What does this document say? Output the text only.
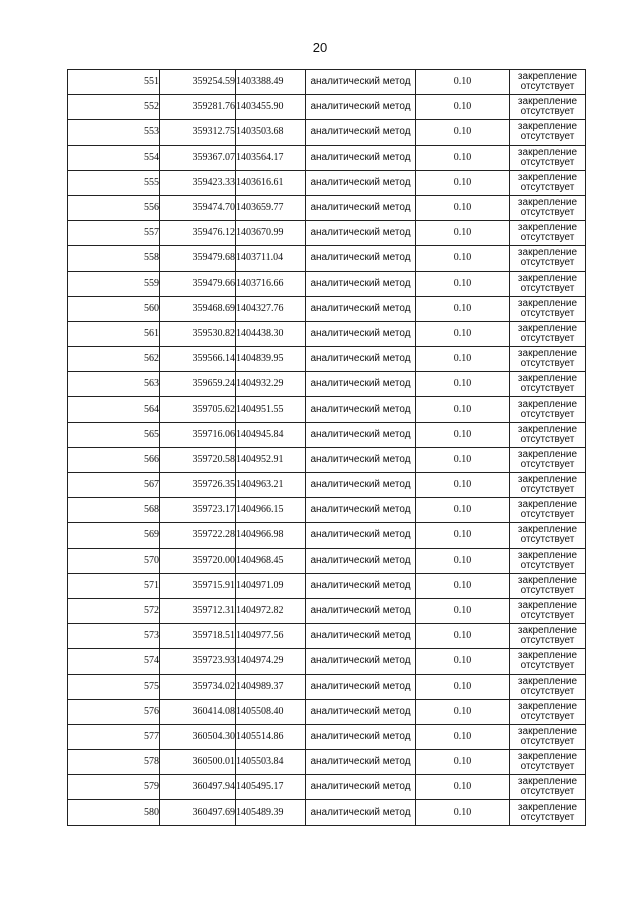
20
551	359254.59	1403388.49	аналитический метод	0.10	закрепление отсутствует
552	359281.76	1403455.90	аналитический метод	0.10	закрепление отсутствует
553	359312.75	1403503.68	аналитический метод	0.10	закрепление отсутствует
554	359367.07	1403564.17	аналитический метод	0.10	закрепление отсутствует
555	359423.33	1403616.61	аналитический метод	0.10	закрепление отсутствует
556	359474.70	1403659.77	аналитический метод	0.10	закрепление отсутствует
557	359476.12	1403670.99	аналитический метод	0.10	закрепление отсутствует
558	359479.68	1403711.04	аналитический метод	0.10	закрепление отсутствует
559	359479.66	1403716.66	аналитический метод	0.10	закрепление отсутствует
560	359468.69	1404327.76	аналитический метод	0.10	закрепление отсутствует
561	359530.82	1404438.30	аналитический метод	0.10	закрепление отсутствует
562	359566.14	1404839.95	аналитический метод	0.10	закрепление отсутствует
563	359659.24	1404932.29	аналитический метод	0.10	закрепление отсутствует
564	359705.62	1404951.55	аналитический метод	0.10	закрепление отсутствует
565	359716.06	1404945.84	аналитический метод	0.10	закрепление отсутствует
566	359720.58	1404952.91	аналитический метод	0.10	закрепление отсутствует
567	359726.35	1404963.21	аналитический метод	0.10	закрепление отсутствует
568	359723.17	1404966.15	аналитический метод	0.10	закрепление отсутствует
569	359722.28	1404966.98	аналитический метод	0.10	закрепление отсутствует
570	359720.00	1404968.45	аналитический метод	0.10	закрепление отсутствует
571	359715.91	1404971.09	аналитический метод	0.10	закрепление отсутствует
572	359712.31	1404972.82	аналитический метод	0.10	закрепление отсутствует
573	359718.51	1404977.56	аналитический метод	0.10	закрепление отсутствует
574	359723.93	1404974.29	аналитический метод	0.10	закрепление отсутствует
575	359734.02	1404989.37	аналитический метод	0.10	закрепление отсутствует
576	360414.08	1405508.40	аналитический метод	0.10	закрепление отсутствует
577	360504.30	1405514.86	аналитический метод	0.10	закрепление отсутствует
578	360500.01	1405503.84	аналитический метод	0.10	закрепление отсутствует
579	360497.94	1405495.17	аналитический метод	0.10	закрепление отсутствует
580	360497.69	1405489.39	аналитический метод	0.10	закрепление отсутствует
